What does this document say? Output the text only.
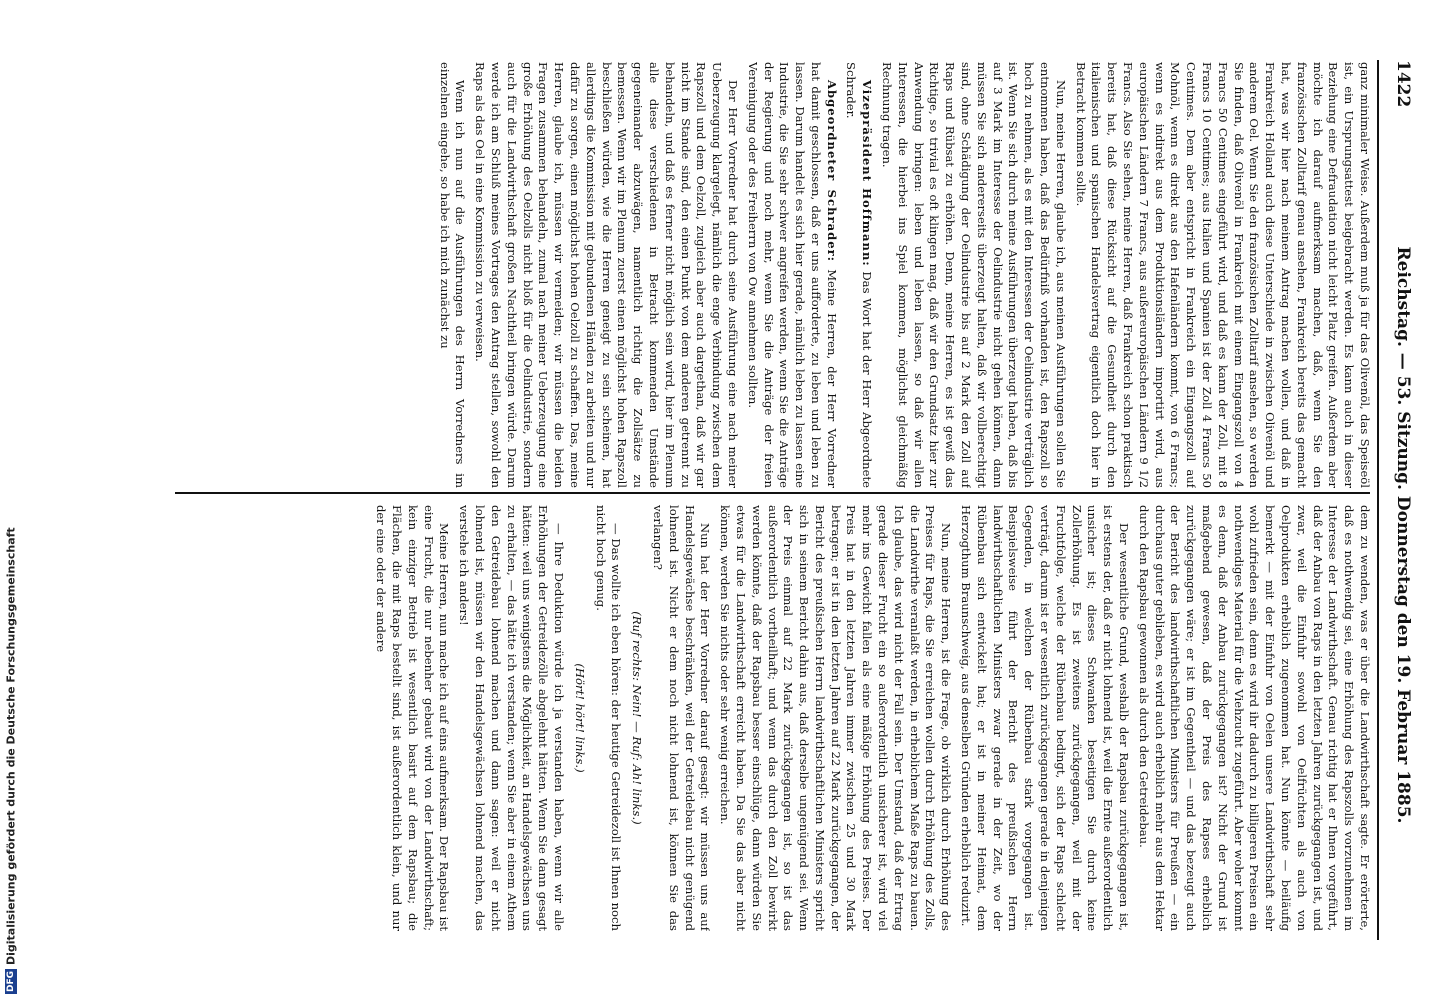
1422
Reichstag. — 53. Sitzung. Donnerstag den 19. Februar 1885.

ganz minimaler Weise. Außerdem muß ja für das Olivenöl, das Speiseöl ist, ein Ursprungsattest beigebracht werden. Es kann auch in dieser Beziehung eine Defraudation nicht leicht Platz greifen. Außerdem aber möchte ich darauf aufmerksam machen, daß, wenn Sie den französischen Zolltarif genau ansehen, Frankreich bereits das gemacht hat, was wir hier nach meinem Antrag machen wollen, und daß in Frankreich Holland auch diese Unterschiede in zwischen Olivenöl und anderem Oel. Wenn Sie den französischen Zolltarif ansehen, so werden Sie finden, daß Olivenöl in Frankreich mit einem Eingangszoll von 4 Francs 50 Centimes eingeführt wird, und daß es kann der Zoll, mit 8 Francs 10 Centimes; aus Italien und Spanien ist der Zoll 4 Francs 50 Centimes. Dem aber entspricht in Frankreich ein Eingangszoll auf Mohnöl, wenn es direkt aus den Hafenländern kommt, von 6 Francs; wenn es indirekt aus dem Produktionsländern importirt wird, aus europäischen Ländern 7 Francs, aus außereuropäischen Ländern 9 1/2 Francs. Also Sie sehen, meine Herren, daß Frankreich schon praktisch bereits hat, daß diese Rücksicht auf die Gesundheit durch den italienischen und spanischen Handelsvertrag eigentlich doch hier in Betracht kommen sollte.

Nun, meine Herren, glaube ich, aus meinen Ausführungen sollen Sie entnommen haben, daß das Bedürfniß vorhanden ist, den Rapszoll so hoch zu nehmen, als es mit den Interessen der Oelindustrie verträglich ist. Wenn Sie sich durch meine Ausführungen überzeugt haben, daß bis auf 3 Mark im Interesse der Oelindustrie nicht gehen können, dann müssen Sie sich andererseits überzeugt halten, daß wir vollberechtigt sind, ohne Schädigung der Oelindustrie bis auf 2 Mark den Zoll auf Raps und Rübsat zu erhöhen. Denn, meine Herren, es ist gewiß das Richtige, so trivial es oft klingen mag, daß wir den Grundsatz hier zur Anwendung bringen: leben und leben lassen, so daß wir allen Interessen, die hierbei ins Spiel kommen, möglichst gleichmäßig Rechnung tragen.

Vizepräsident Hoffmann: Das Wort hat der Herr Abgeordnete Schrader.

Abgeordneter Schrader: Meine Herren, der Herr Vorredner hat damit geschlossen, daß er uns aufforderte, zu leben und leben zu lassen. Darum handelt es sich hier gerade, nämlich leben zu lassen eine Industrie, die Sie sehr schwer angreifen werden, wenn Sie die Anträge der Regierung und noch mehr, wenn Sie die Anträge der freien Vereinigung oder des Freiherrn von Ow annehmen sollten.

Der Herr Vorredner hat durch seine Ausführung eine nach meiner Ueberzeugung klargelegt, nämlich die enge Verbindung zwischen dem Rapszoll und dem Oelzoll, zugleich aber auch dargethan, daß wir gar nicht im Stande sind, den einen Punkt von dem anderen getrennt zu behandeln, und daß es ferner nicht möglich sein wird, hier im Plenum alle diese verschiedenen in Betracht kommenden Umstände gegeneinander abzuwägen, namentlich richtig die Zollsätze zu bemessen. Wenn wir im Plenum zuerst einen möglichst hohen Rapszoll beschließen würden, wie die Herren geneigt zu sein scheinen, hat allerdings die Kommission mit gebundenen Händen zu arbeiten und nur dafür zu sorgen, einen möglichst hohen Oelzoll zu schaffen. Das, meine Herren, glaube ich, müssen wir vermeiden; wir müssen die beiden Fragen zusammen behandeln, zumal nach meiner Ueberzeugung eine große Erhöhung des Oelzolls nicht bloß für die Oelindustrie, sondern auch für die Landwirthschaft großen Nachtheil bringen würde. Darum werde ich am Schluß meines Vortrages den Antrag stellen, sowohl den Raps als das Oel in eine Kommission zu verweisen.

Wenn ich nun auf die Ausführungen des Herrn Vorredners im einzelnen eingehe, so habe ich mich zunächst zu

dem zu wenden, was er über die Landwirthschaft sagte. Er erörterte, daß es nothwendig sei, eine Erhöhung des Rapszolls vorzunehmen im Interesse der Landwirthschaft. Genau richtig hat er Ihnen vorgeführt, daß der Anbau von Raps in den letzten Jahren zurückgegangen ist, und zwar, weil die Einfuhr sowohl von Oelfrüchten als auch von Oelprodukten erheblich zugenommen hat. Nun könnte — beiläufig bemerkt — mit der Einfuhr von Oelen unsere Landwirthschaft sehr wohl zufrieden sein, denn es wird ihr dadurch zu billigeren Preisen ein nothwendiges Material für die Viehzucht zugeführt. Aber woher kommt es denn, daß der Anbau zurückgegangen ist? Nicht der Grund ist maßgebend gewesen, daß der Preis des Rapses erheblich zurückgegangen wäre; er ist im Gegentheil — und das bezeugt auch der Bericht des landwirthschaftlichen Ministers für Preußen — ein durchaus guter geblieben, es wird auch erheblich mehr aus dem Hektar durch den Rapsbau gewonnen als durch den Getreidebau.

Der wesentliche Grund, weshalb der Rapsbau zurückgegangen ist, ist erstens der, daß er nicht lohnend ist, weil die Ernte außerordentlich unsicher ist; dieses Schwanken beseitigen Sie durch keine Zollerhöhung. Es ist zweitens zurückgegangen, weil mit der Fruchtfolge, welche der Rübenbau bedingt, sich der Raps schlecht verträgt, darum ist er wesentlich zurückgegangen gerade in denjenigen Gegenden, in welchen der Rübenbau stark vorgegangen ist. Beispielsweise führt der Bericht des preußischen Herrn landwirthschaftlichen Ministers zwar gerade in der Zeit, wo der Rübenbau sich entwickelt hat; er ist in meiner Heimat, dem Herzogthum Braunschweig, aus denselben Gründen erheblich reduzirt.

Nun, meine Herren, ist die Frage, ob wirklich durch Erhöhung des Preises für Raps, die Sie erreichen wollen durch Erhöhung des Zolls, die Landwirthe veranlaßt werden, in erheblichem Maße Raps zu bauen. Ich glaube, das wird nicht der Fall sein. Der Umstand, daß der Ertrag gerade dieser Frucht ein so außerordentlich unsicherer ist, wird viel mehr ins Gewicht fallen als eine mäßige Erhöhung des Preises. Der Preis hat in den letzten Jahren immer zwischen 25 und 30 Mark betragen; er ist in den letzten Jahren auf 22 Mark zurückgegangen, der Bericht des preußischen Herrn landwirthschaftlichen Ministers spricht sich in seinem Bericht dahin aus, daß derselbe ungenügend sei. Wenn der Preis einmal auf 22 Mark zurückgegangen ist, so ist das außerordentlich vortheilhaft; und wenn das durch den Zoll bewirkt werden könnte, daß der Rapsbau besser einschlüge, dann würden Sie etwas für die Landwirthschaft erreicht haben. Da Sie das aber nicht können, werden Sie nichts oder sehr wenig erreichen.

Nun hat der Herr Vorredner darauf gesagt: wir müssen uns auf Handelsgewächse beschränken, weil der Getreidebau nicht genügend lohnend ist. Nicht er dem noch nicht lohnend ist, können Sie das verlangen?

(Ruf rechts: Nein! — Ruf: Ah! links.)

— Das wollte ich eben hören: der heutige Getreidezoll ist Ihnen noch nicht hoch genug.

(Hört! hört! links.)

— Ihre Deduktion würde ich ja verstanden haben, wenn wir alle Erhöhungen der Getreidezölle abgelehnt hätten. Wenn Sie dann gesagt hätten: weil uns wenigstens die Möglichkeit, an Handelsgewächsen uns zu erhalten, — das hätte ich verstanden; wenn Sie aber in einem Athem den Getreidebau lohnend machen und dann sagen: weil er nicht lohnend ist, müssen wir den Handelsgewächsen lohnend machen, das verstehe ich anders!

Meine Herren, nun mache ich auf eins aufmerksam. Der Rapsbau ist eine Frucht, die nur nebenher gebaut wird von der Landwirthschaft; kein einziger Betrieb ist wesentlich basirt auf dem Rapsbau; die Flächen, die mit Raps bestellt sind, ist außerordentlich klein, und nur der eine oder der andere

DFG
Digitalisierung gefördert durch die Deutsche Forschungsgemeinschaft
